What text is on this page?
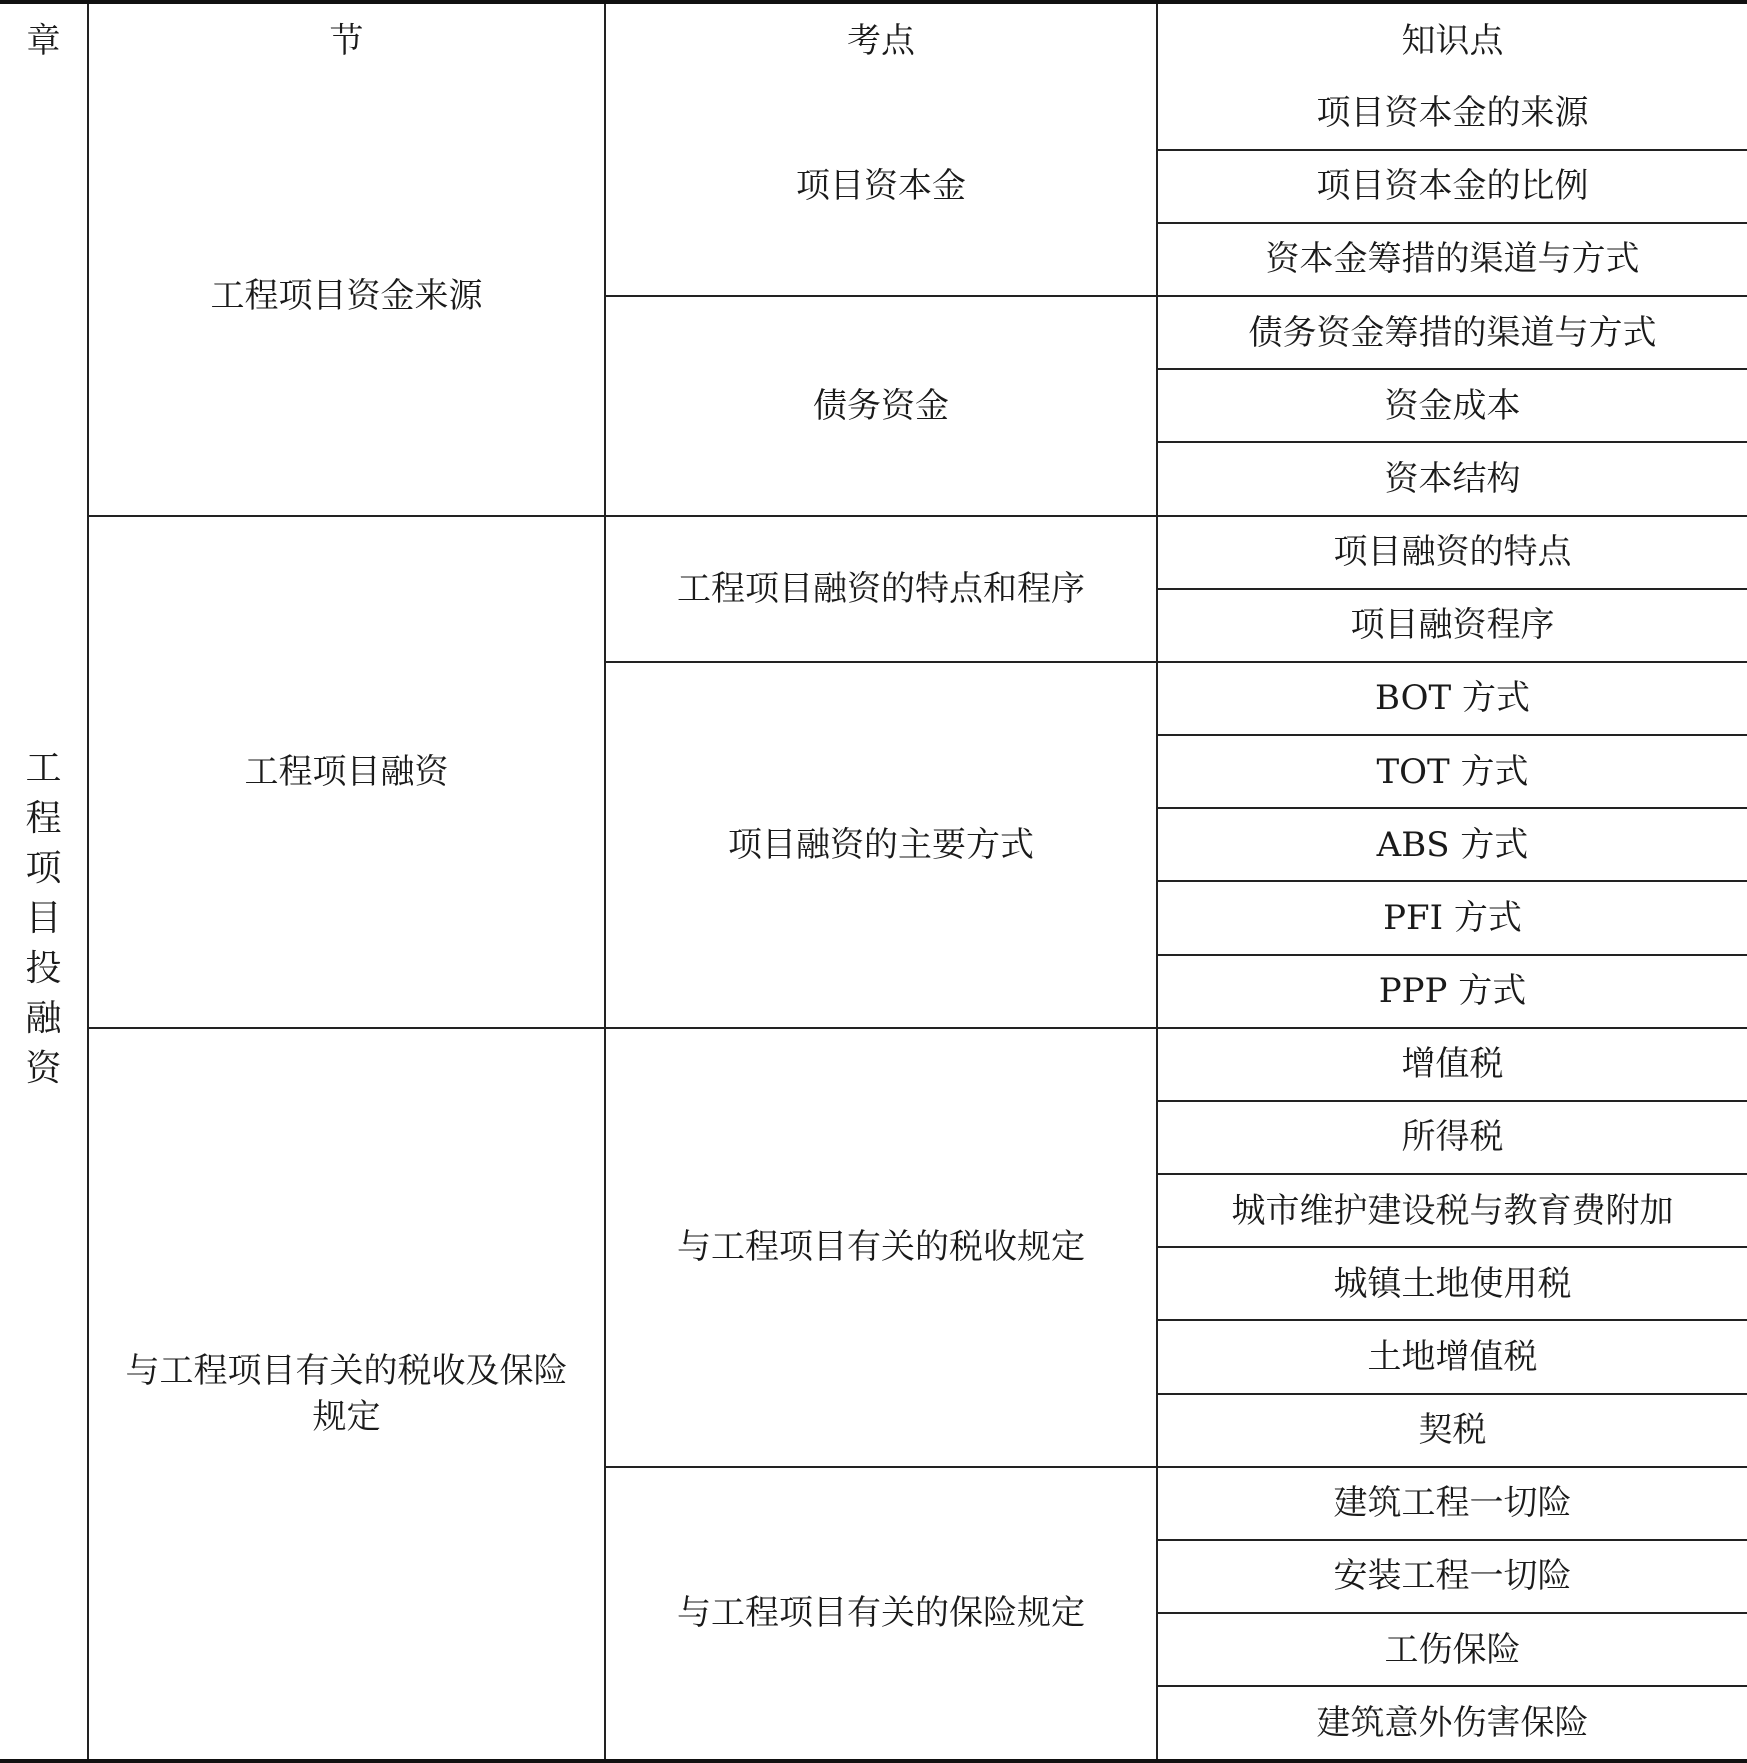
章	节	考点	知识点
工程项目投融资	工程项目资金来源	项目资本金	项目资本金的来源
			项目资本金的比例
			资本金筹措的渠道与方式
		债务资金	债务资金筹措的渠道与方式
			资金成本
			资本结构
	工程项目融资	工程项目融资的特点和程序	项目融资的特点
			项目融资程序
		项目融资的主要方式	BOT 方式
			TOT 方式
			ABS 方式
			PFI 方式
			PPP 方式
	与工程项目有关的税收及保险规定	与工程项目有关的税收规定	增值税
			所得税
			城市维护建设税与教育费附加
			城镇土地使用税
			土地增值税
			契税
		与工程项目有关的保险规定	建筑工程一切险
			安装工程一切险
			工伤保险
			建筑意外伤害保险
